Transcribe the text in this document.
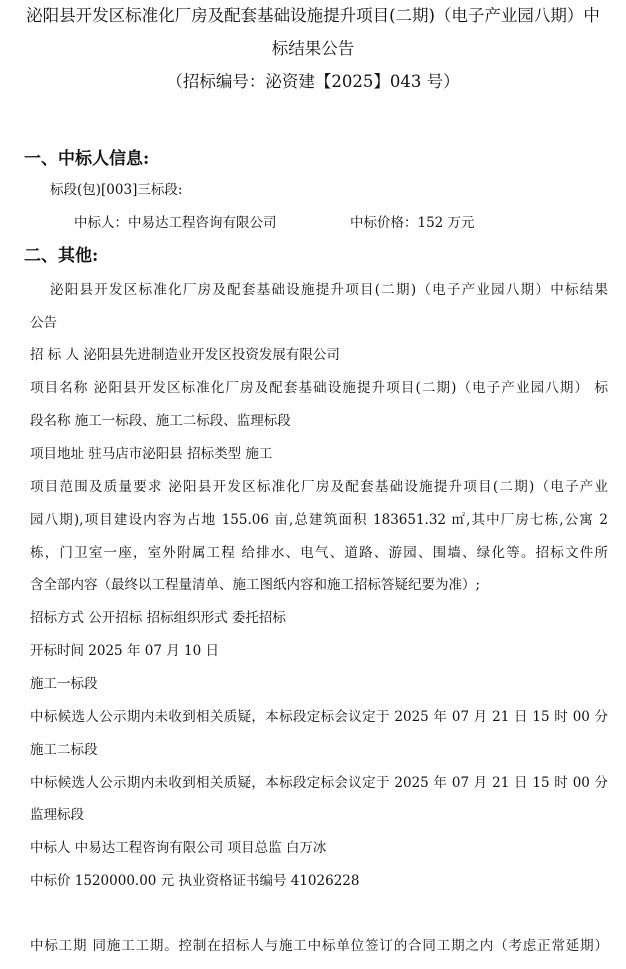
泌阳县开发区标准化厂房及配套基础设施提升项目(二期)（电子产业园八期）中
标结果公告
（招标编号：泌资建【2025】043 号）
一、中标人信息:
标段(包)[003]三标段:
中标人：中易达工程咨询有限公司	中标价格：152 万元
二、其他:
泌阳县开发区标准化厂房及配套基础设施提升项目(二期)（电子产业园八期）中标结果
公告
招 标 人 泌阳县先进制造业开发区投资发展有限公司
项目名称 泌阳县开发区标准化厂房及配套基础设施提升项目(二期)（电子产业园八期） 标
段名称 施工一标段、施工二标段、监理标段
项目地址 驻马店市泌阳县 招标类型 施工
项目范围及质量要求 泌阳县开发区标准化厂房及配套基础设施提升项目(二期)（电子产业
园八期),项目建设内容为占地 155.06 亩,总建筑面积 183651.32 ㎡,其中厂房七栋,公寓 2
栋，门卫室一座，室外附属工程 给排水、电气、道路、游园、围墙、绿化等。招标文件所
含全部内容（最终以工程量清单、施工图纸内容和施工招标答疑纪要为准）;
招标方式 公开招标 招标组织形式 委托招标
开标时间 2025 年 07 月 10 日
施工一标段
中标候选人公示期内未收到相关质疑，本标段定标会议定于 2025 年 07 月 21 日 15 时 00 分
施工二标段
中标候选人公示期内未收到相关质疑，本标段定标会议定于 2025 年 07 月 21 日 15 时 00 分
监理标段
中标人 中易达工程咨询有限公司 项目总监 白万冰
中标价 1520000.00 元 执业资格证书编号 41026228
中标工期 同施工工期。控制在招标人与施工中标单位签订的合同工期之内（考虑正常延期）
